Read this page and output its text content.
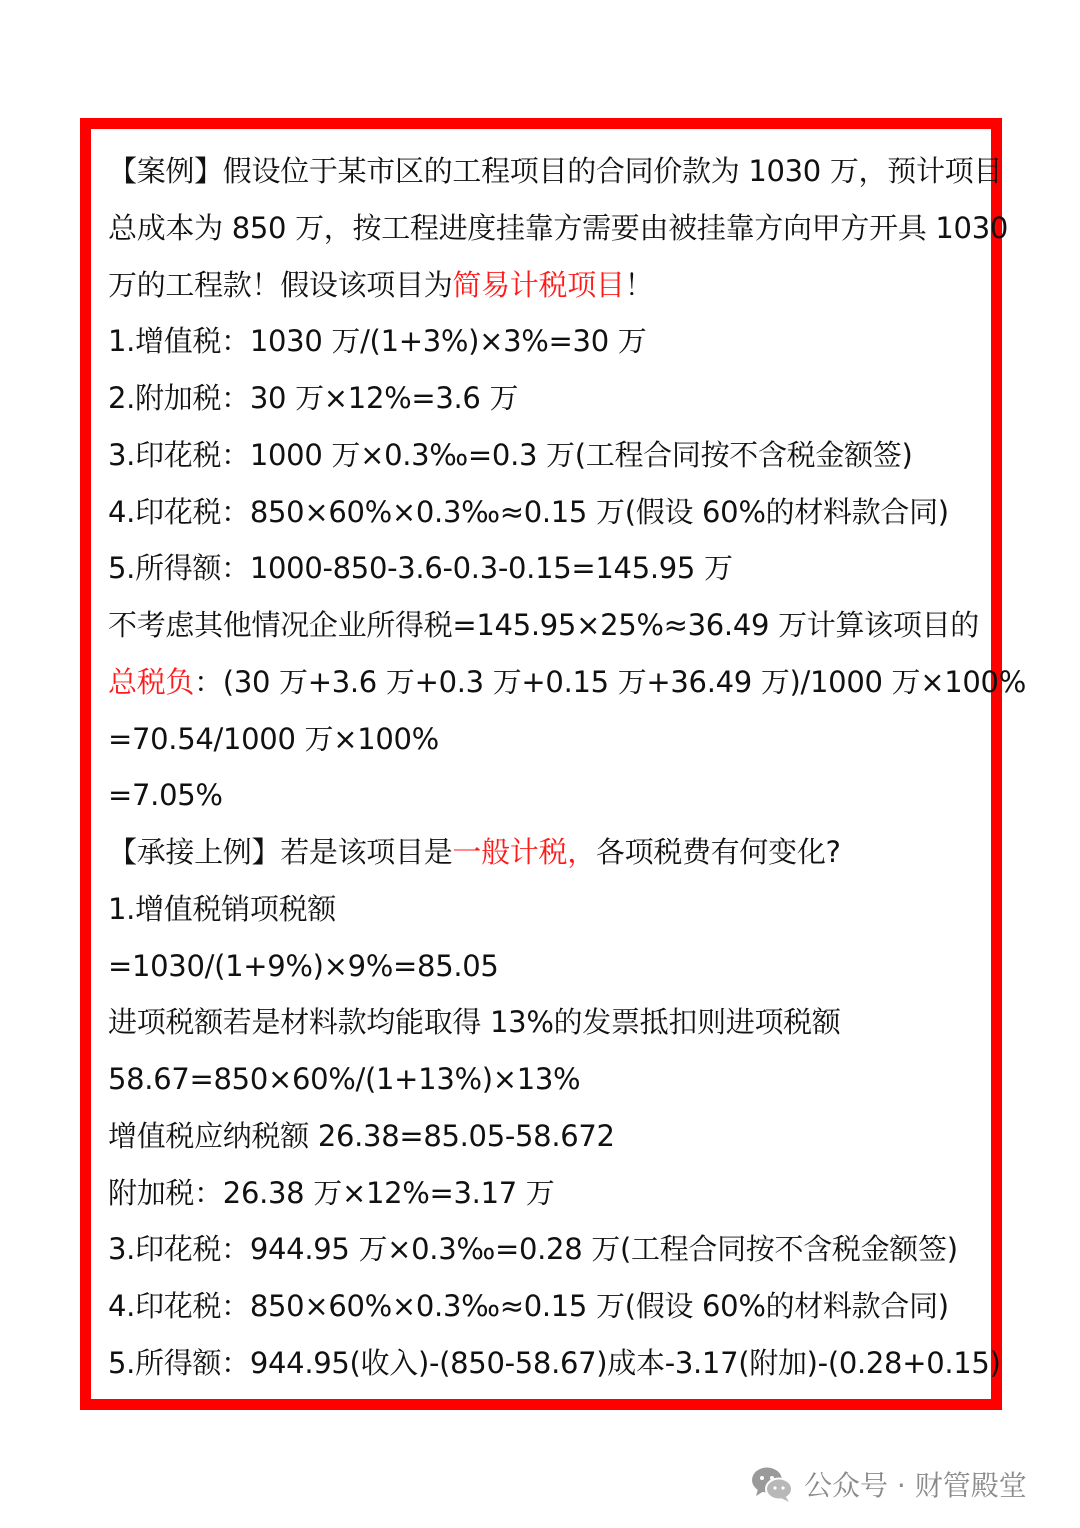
【案例】假设位于某市区的工程项目的合同价款为 1030 万，预计项目
总成本为 850 万，按工程进度挂靠方需要由被挂靠方向甲方开具 1030
万的工程款！假设该项目为简易计税项目！
1.增值税：1030 万/(1+3%)×3%=30 万
2.附加税：30 万×12%=3.6 万
3.印花税：1000 万×0.3‰=0.3 万(工程合同按不含税金额签)
4.印花税：850×60%×0.3‰≈0.15 万(假设 60%的材料款合同)
5.所得额：1000-850-3.6-0.3-0.15=145.95 万
不考虑其他情况企业所得税=145.95×25%≈36.49 万计算该项目的
总税负：(30 万+3.6 万+0.3 万+0.15 万+36.49 万)/1000 万×100%
=70.54/1000 万×100%
=7.05%
【承接上例】若是该项目是一般计税，各项税费有何变化?
1.增值税销项税额
=1030/(1+9%)×9%=85.05
进项税额若是材料款均能取得 13%的发票抵扣则进项税额
58.67=850×60%/(1+13%)×13%
增值税应纳税额 26.38=85.05-58.672
附加税：26.38 万×12%=3.17 万
3.印花税：944.95 万×0.3‰=0.28 万(工程合同按不含税金额签)
4.印花税：850×60%×0.3‰≈0.15 万(假设 60%的材料款合同)
5.所得额：944.95(收入)-(850-58.67)成本-3.17(附加)-(0.28+0.15)
公众号 · 财管殿堂
